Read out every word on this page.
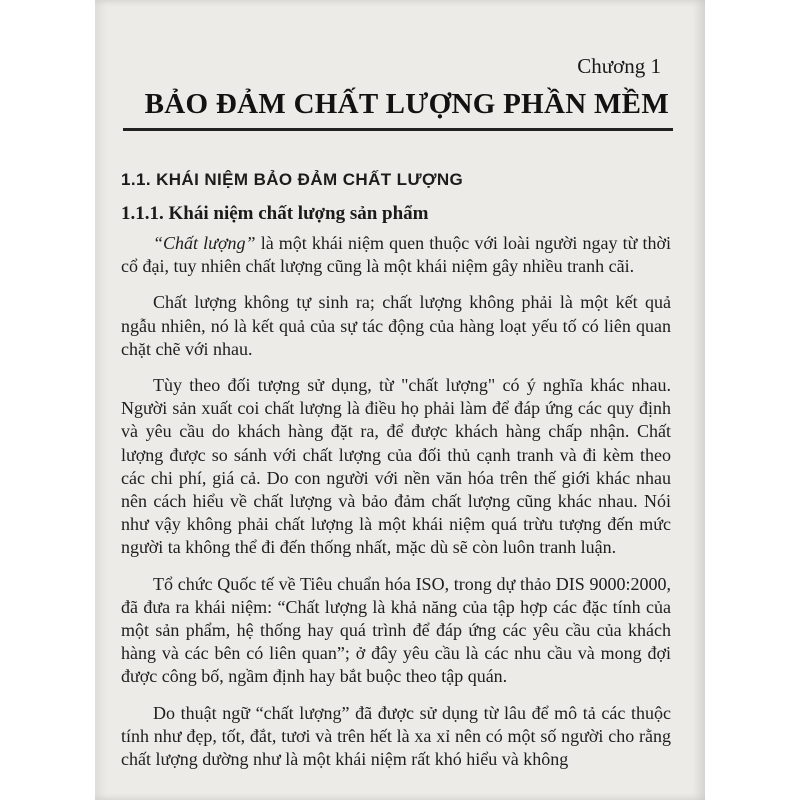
Chương 1
BẢO ĐẢM CHẤT LƯỢNG PHẦN MỀM
1.1. KHÁI NIỆM BẢO ĐẢM CHẤT LƯỢNG
1.1.1. Khái niệm chất lượng sản phẩm

“Chất lượng” là một khái niệm quen thuộc với loài người ngay từ thời cổ đại, tuy nhiên chất lượng cũng là một khái niệm gây nhiều tranh cãi.

Chất lượng không tự sinh ra; chất lượng không phải là một kết quả ngẫu nhiên, nó là kết quả của sự tác động của hàng loạt yếu tố có liên quan chặt chẽ với nhau.

Tùy theo đối tượng sử dụng, từ "chất lượng" có ý nghĩa khác nhau. Người sản xuất coi chất lượng là điều họ phải làm để đáp ứng các quy định và yêu cầu do khách hàng đặt ra, để được khách hàng chấp nhận. Chất lượng được so sánh với chất lượng của đối thủ cạnh tranh và đi kèm theo các chi phí, giá cả. Do con người với nền văn hóa trên thế giới khác nhau nên cách hiểu về chất lượng và bảo đảm chất lượng cũng khác nhau. Nói như vậy không phải chất lượng là một khái niệm quá trừu tượng đến mức người ta không thể đi đến thống nhất, mặc dù sẽ còn luôn tranh luận.

Tổ chức Quốc tế về Tiêu chuẩn hóa ISO, trong dự thảo DIS 9000:2000, đã đưa ra khái niệm: “Chất lượng là khả năng của tập hợp các đặc tính của một sản phẩm, hệ thống hay quá trình để đáp ứng các yêu cầu của khách hàng và các bên có liên quan”; ở đây yêu cầu là các nhu cầu và mong đợi được công bố, ngầm định hay bắt buộc theo tập quán.

Do thuật ngữ “chất lượng” đã được sử dụng từ lâu để mô tả các thuộc tính như đẹp, tốt, đắt, tươi và trên hết là xa xỉ nên có một số người cho rằng chất lượng dường như là một khái niệm rất khó hiểu và không
